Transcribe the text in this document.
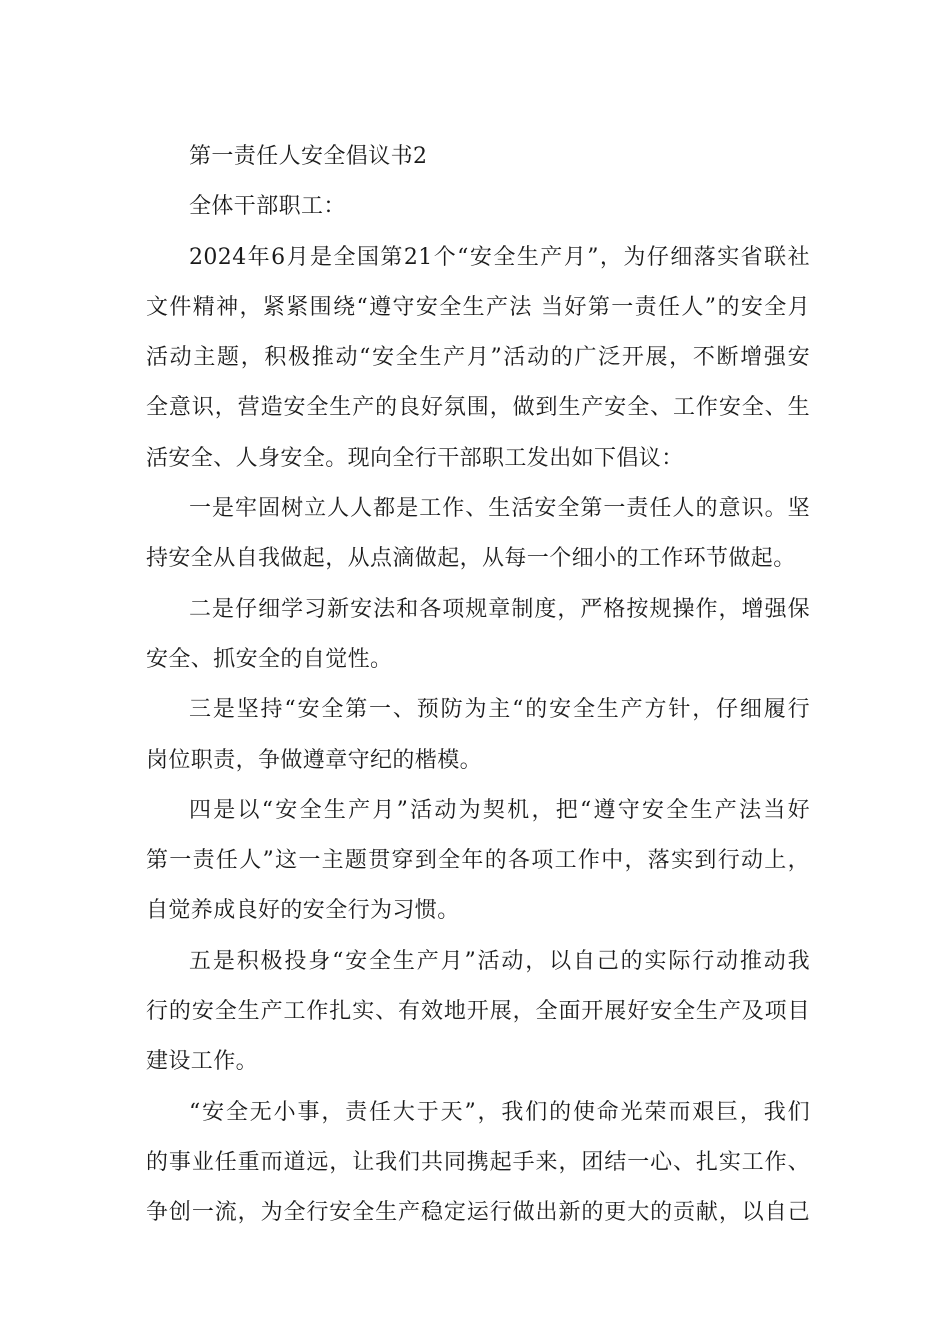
第一责任人安全倡议书2
全体干部职工：
2024年6月是全国第21个“安全生产月”，为仔细落实省联社
文件精神，紧紧围绕“遵守安全生产法 当好第一责任人”的安全月
活动主题，积极推动“安全生产月”活动的广泛开展，不断增强安
全意识，营造安全生产的良好氛围，做到生产安全、工作安全、生
活安全、人身安全。现向全行干部职工发出如下倡议：
一是牢固树立人人都是工作、生活安全第一责任人的意识。坚
持安全从自我做起，从点滴做起，从每一个细小的工作环节做起。
二是仔细学习新安法和各项规章制度，严格按规操作，增强保
安全、抓安全的自觉性。
三是坚持“安全第一、预防为主“的安全生产方针，仔细履行
岗位职责，争做遵章守纪的楷模。
四是以“安全生产月”活动为契机，把“遵守安全生产法当好
第一责任人”这一主题贯穿到全年的各项工作中，落实到行动上，
自觉养成良好的安全行为习惯。
五是积极投身“安全生产月”活动，以自己的实际行动推动我
行的安全生产工作扎实、有效地开展，全面开展好安全生产及项目
建设工作。
“安全无小事，责任大于天”，我们的使命光荣而艰巨，我们
的事业任重而道远，让我们共同携起手来，团结一心、扎实工作、
争创一流，为全行安全生产稳定运行做出新的更大的贡献，以自己
